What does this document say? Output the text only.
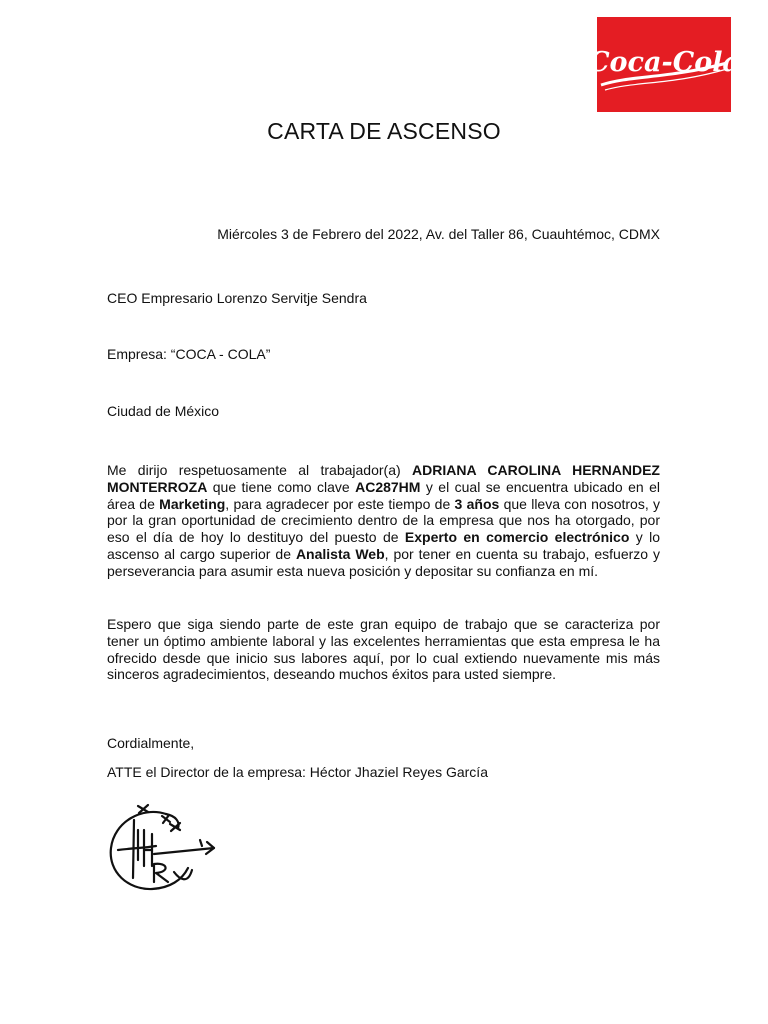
Coca-Cola
CARTA DE ASCENSO
Miércoles 3 de Febrero del 2022, Av. del Taller 86, Cuauhtémoc, CDMX
CEO Empresario Lorenzo Servitje Sendra
Empresa: “COCA - COLA”
Ciudad de México

Me dirijo respetuosamente al trabajador(a) ADRIANA CAROLINA HERNANDEZ MONTERROZA que tiene como clave AC287HM y el cual se encuentra ubicado en el área de Marketing, para agradecer por este tiempo de 3 años que lleva con nosotros, y por la gran oportunidad de crecimiento dentro de la empresa que nos ha otorgado, por eso el día de hoy lo destituyo del puesto de Experto en comercio electrónico y lo ascenso al cargo superior de Analista Web, por tener en cuenta su trabajo, esfuerzo y perseverancia para asumir esta nueva posición y depositar su confianza en mí.

Espero que siga siendo parte de este gran equipo de trabajo que se caracteriza por tener un óptimo ambiente laboral y las excelentes herramientas que esta empresa le ha ofrecido desde que inicio sus labores aquí, por lo cual extiendo nuevamente mis más sinceros agradecimientos, deseando muchos éxitos para usted siempre.

Cordialmente,
ATTE el Director de la empresa: Héctor Jhaziel Reyes García
